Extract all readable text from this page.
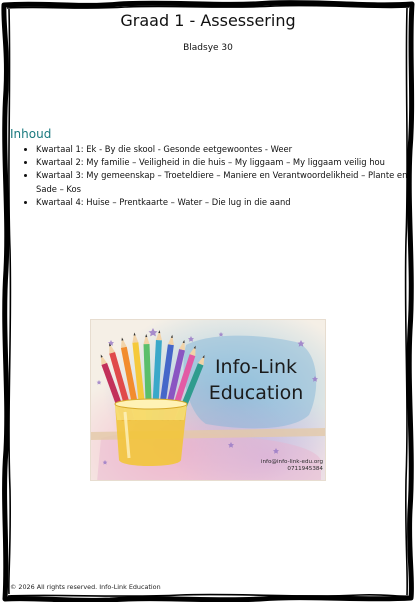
Graad 1 - Assessering
Bladsye 30
Inhoud
• Kwartaal 1: Ek - By die skool - Gesonde eetgewoontes - Weer
• Kwartaal 2: My familie – Veiligheid in die huis – My liggaam – My liggaam veilig hou
• Kwartaal 3: My gemeenskap – Troeteldiere – Maniere en Verantwoordelikheid – Plante en Sade – Kos
• Kwartaal 4: Huise – Prentkaarte – Water – Die lug in die aand
Info-Link Education
info@info-link-edu.org
0711945384
© 2026 All rights reserved. Info-Link Education
